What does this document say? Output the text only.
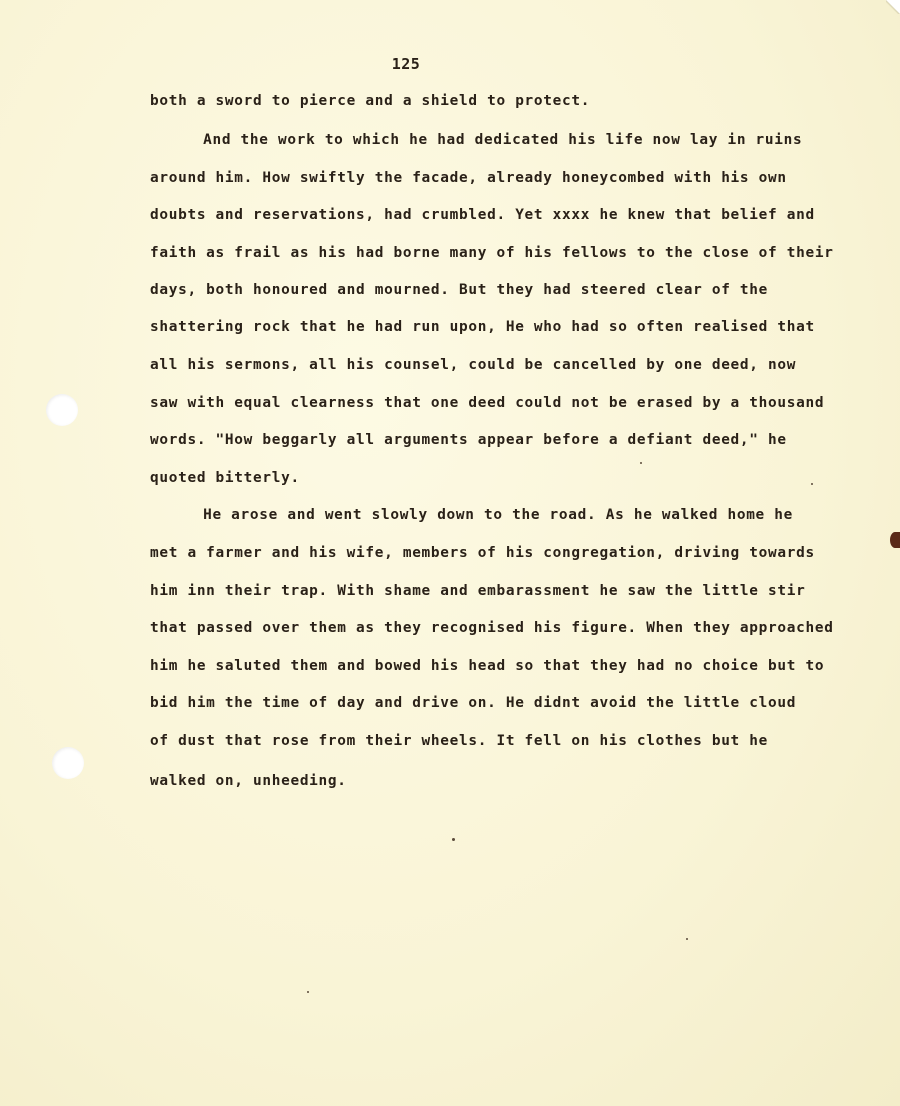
125
both a sword to pierce and a shield to protect.
And the work to which he had dedicated his life now lay in ruins
around him. How swiftly the facade, already honeycombed with his own
doubts and reservations, had crumbled. Yet xxxx he knew that belief and
faith as frail as his had borne many of his fellows to the close of their
days, both honoured and mourned. But they had steered clear of the
shattering rock that he had run upon, He who had so often realised that
all his sermons, all his counsel, could be cancelled by one deed, now
saw with equal clearness that one deed could not be erased by a thousand
words. "How beggarly all arguments appear before a defiant deed," he
quoted bitterly.
He arose and went slowly down to the road. As he walked home he
met a farmer and his wife, members of his congregation, driving towards
him inn their trap. With shame and embarassment he saw the little stir
that passed over them as they recognised his figure. When they approached
him he saluted them and bowed his head so that they had no choice but to
bid him the time of day and drive on. He didnt avoid the little cloud
of dust that rose from their wheels. It fell on his clothes but he
walked on, unheeding.
